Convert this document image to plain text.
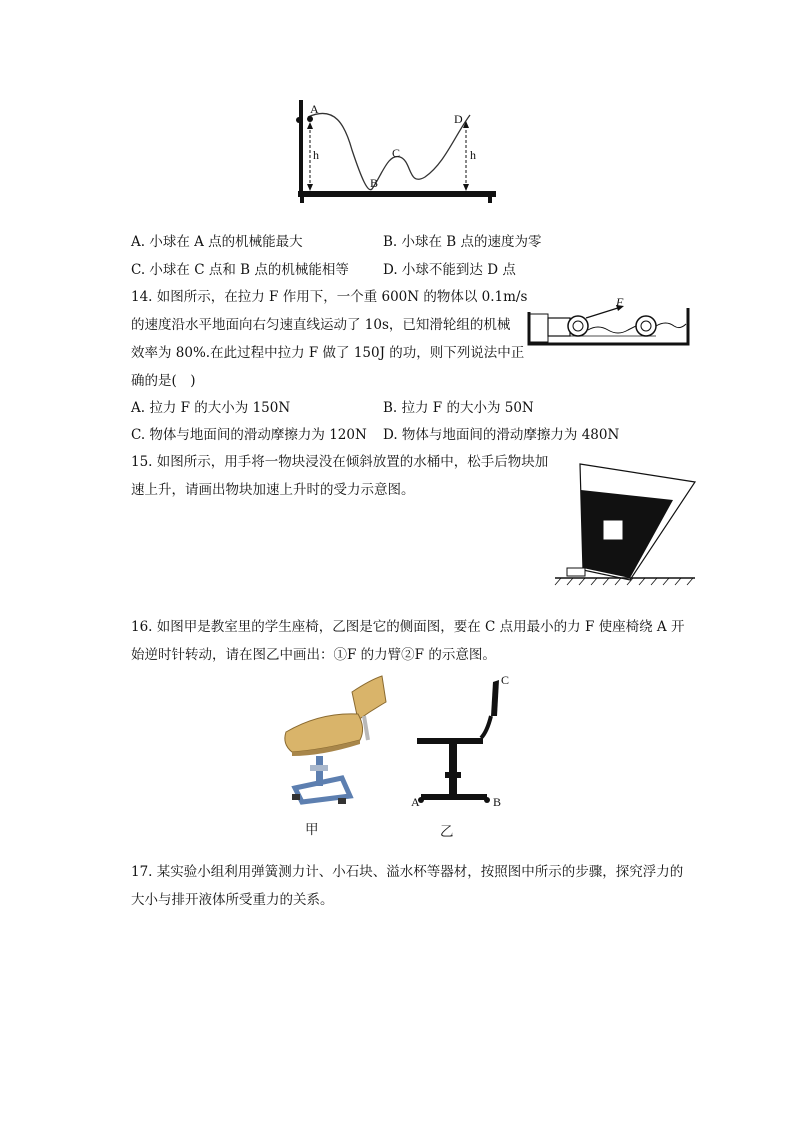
A
B
C
D
h	h
A. 小球在 A 点的机械能最大	B. 小球在 B 点的速度为零
C. 小球在 C 点和 B 点的机械能相等	D. 小球不能到达 D 点
14. 如图所示，在拉力 F 作用下，一个重 600N 的物体以 0.1m/s
的速度沿水平地面向右匀速直线运动了 10s，已知滑轮组的机械
效率为 80%.在此过程中拉力 F 做了 150J 的功，则下列说法中正
确的是(　)
F
A. 拉力 F 的大小为 150N	B. 拉力 F 的大小为 50N
C. 物体与地面间的滑动摩擦力为 120N D. 物体与地面间的滑动摩擦力为 480N
15. 如图所示，用手将一物块浸没在倾斜放置的水桶中，松手后物块加
速上升，请画出物块加速上升时的受力示意图。
16. 如图甲是教室里的学生座椅，乙图是它的侧面图，要在 C 点用最小的力 F 使座椅绕 A 开
始逆时针转动，请在图乙中画出：①F 的力臂②F 的示意图。
A	B
C
甲	乙
17. 某实验小组利用弹簧测力计、小石块、溢水杯等器材，按照图中所示的步骤，探究浮力的
大小与排开液体所受重力的关系。
